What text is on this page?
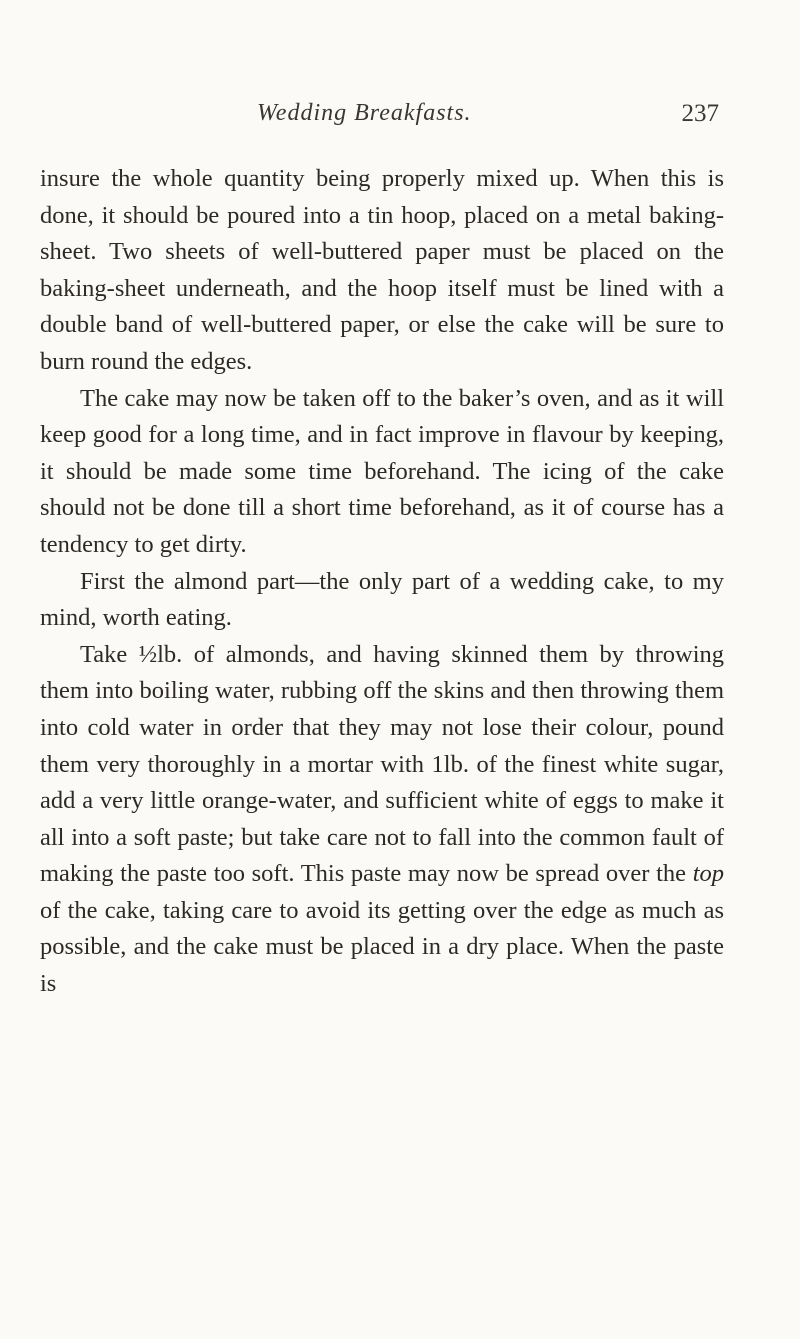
Wedding Breakfasts.	237

insure the whole quantity being properly mixed up. When this is done, it should be poured into a tin hoop, placed on a metal baking-sheet. Two sheets of well-buttered paper must be placed on the baking-sheet underneath, and the hoop itself must be lined with a double band of well-buttered paper, or else the cake will be sure to burn round the edges.

The cake may now be taken off to the baker’s oven, and as it will keep good for a long time, and in fact improve in flavour by keeping, it should be made some time beforehand. The icing of the cake should not be done till a short time beforehand, as it of course has a tendency to get dirty.

First the almond part—the only part of a wedding cake, to my mind, worth eating.

Take ½lb. of almonds, and having skinned them by throwing them into boiling water, rubbing off the skins and then throwing them into cold water in order that they may not lose their colour, pound them very thoroughly in a mortar with 1lb. of the finest white sugar, add a very little orange-water, and sufficient white of eggs to make it all into a soft paste; but take care not to fall into the common fault of making the paste too soft. This paste may now be spread over the top of the cake, taking care to avoid its getting over the edge as much as possible, and the cake must be placed in a dry place. When the paste is
